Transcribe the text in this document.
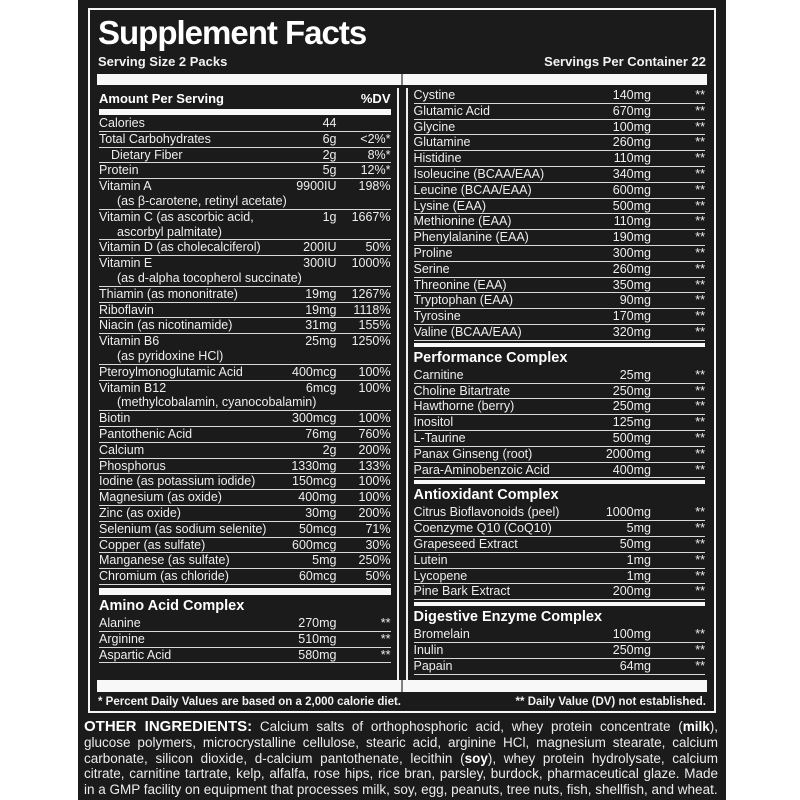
Supplement Facts
Serving Size 2 Packs	Servings Per Container 22
Amount Per Serving	%DV
Calories	44
Total Carbohydrates	6g	<2%*
Dietary Fiber	2g	8%*
Protein	5g	12%*
Vitamin A	9900IU	198%
(as β-carotene, retinyl acetate)
Vitamin C (as ascorbic acid,	1g	1667%
ascorbyl palmitate)
Vitamin D (as cholecalciferol)	200IU	50%
Vitamin E	300IU	1000%
(as d-alpha tocopherol succinate)
Thiamin (as mononitrate)	19mg	1267%
Riboflavin	19mg	1118%
Niacin (as nicotinamide)	31mg	155%
Vitamin B6	25mg	1250%
(as pyridoxine HCl)
Pteroylmonoglutamic Acid	400mcg	100%
Vitamin B12	6mcg	100%
(methylcobalamin, cyanocobalamin)
Biotin	300mcg	100%
Pantothenic Acid	76mg	760%
Calcium	2g	200%
Phosphorus	1330mg	133%
Iodine (as potassium iodide)	150mcg	100%
Magnesium (as oxide)	400mg	100%
Zinc (as oxide)	30mg	200%
Selenium (as sodium selenite)	50mcg	71%
Copper (as sulfate)	600mcg	30%
Manganese (as sulfate)	5mg	250%
Chromium (as chloride)	60mcg	50%
Amino Acid Complex
Alanine	270mg	**
Arginine	510mg	**
Aspartic Acid	580mg	**
Cystine	140mg	**
Glutamic Acid	670mg	**
Glycine	100mg	**
Glutamine	260mg	**
Histidine	110mg	**
Isoleucine (BCAA/EAA)	340mg	**
Leucine (BCAA/EAA)	600mg	**
Lysine (EAA)	500mg	**
Methionine (EAA)	110mg	**
Phenylalanine (EAA)	190mg	**
Proline	300mg	**
Serine	260mg	**
Threonine (EAA)	350mg	**
Tryptophan (EAA)	90mg	**
Tyrosine	170mg	**
Valine (BCAA/EAA)	320mg	**
Performance Complex
Carnitine	25mg	**
Choline Bitartrate	250mg	**
Hawthorne (berry)	250mg	**
Inositol	125mg	**
L-Taurine	500mg	**
Panax Ginseng (root)	2000mg	**
Para-Aminobenzoic Acid	400mg	**
Antioxidant Complex
Citrus Bioflavonoids (peel)	1000mg	**
Coenzyme Q10 (CoQ10)	5mg	**
Grapeseed Extract	50mg	**
Lutein	1mg	**
Lycopene	1mg	**
Pine Bark Extract	200mg	**
Digestive Enzyme Complex
Bromelain	100mg	**
Inulin	250mg	**
Papain	64mg	**
* Percent Daily Values are based on a 2,000 calorie diet.	** Daily Value (DV) not established.
OTHER INGREDIENTS: Calcium salts of orthophosphoric acid, whey protein concentrate (milk), glucose polymers, microcrystalline cellulose, stearic acid, arginine HCl, magnesium stearate, calcium carbonate, silicon dioxide, d-calcium pantothenate, lecithin (soy), whey protein hydrolysate, calcium citrate, carnitine tartrate, kelp, alfalfa, rose hips, rice bran, parsley, burdock, pharmaceutical glaze. Made in a GMP facility on equipment that processes milk, soy, egg, peanuts, tree nuts, fish, shellfish, and wheat.
